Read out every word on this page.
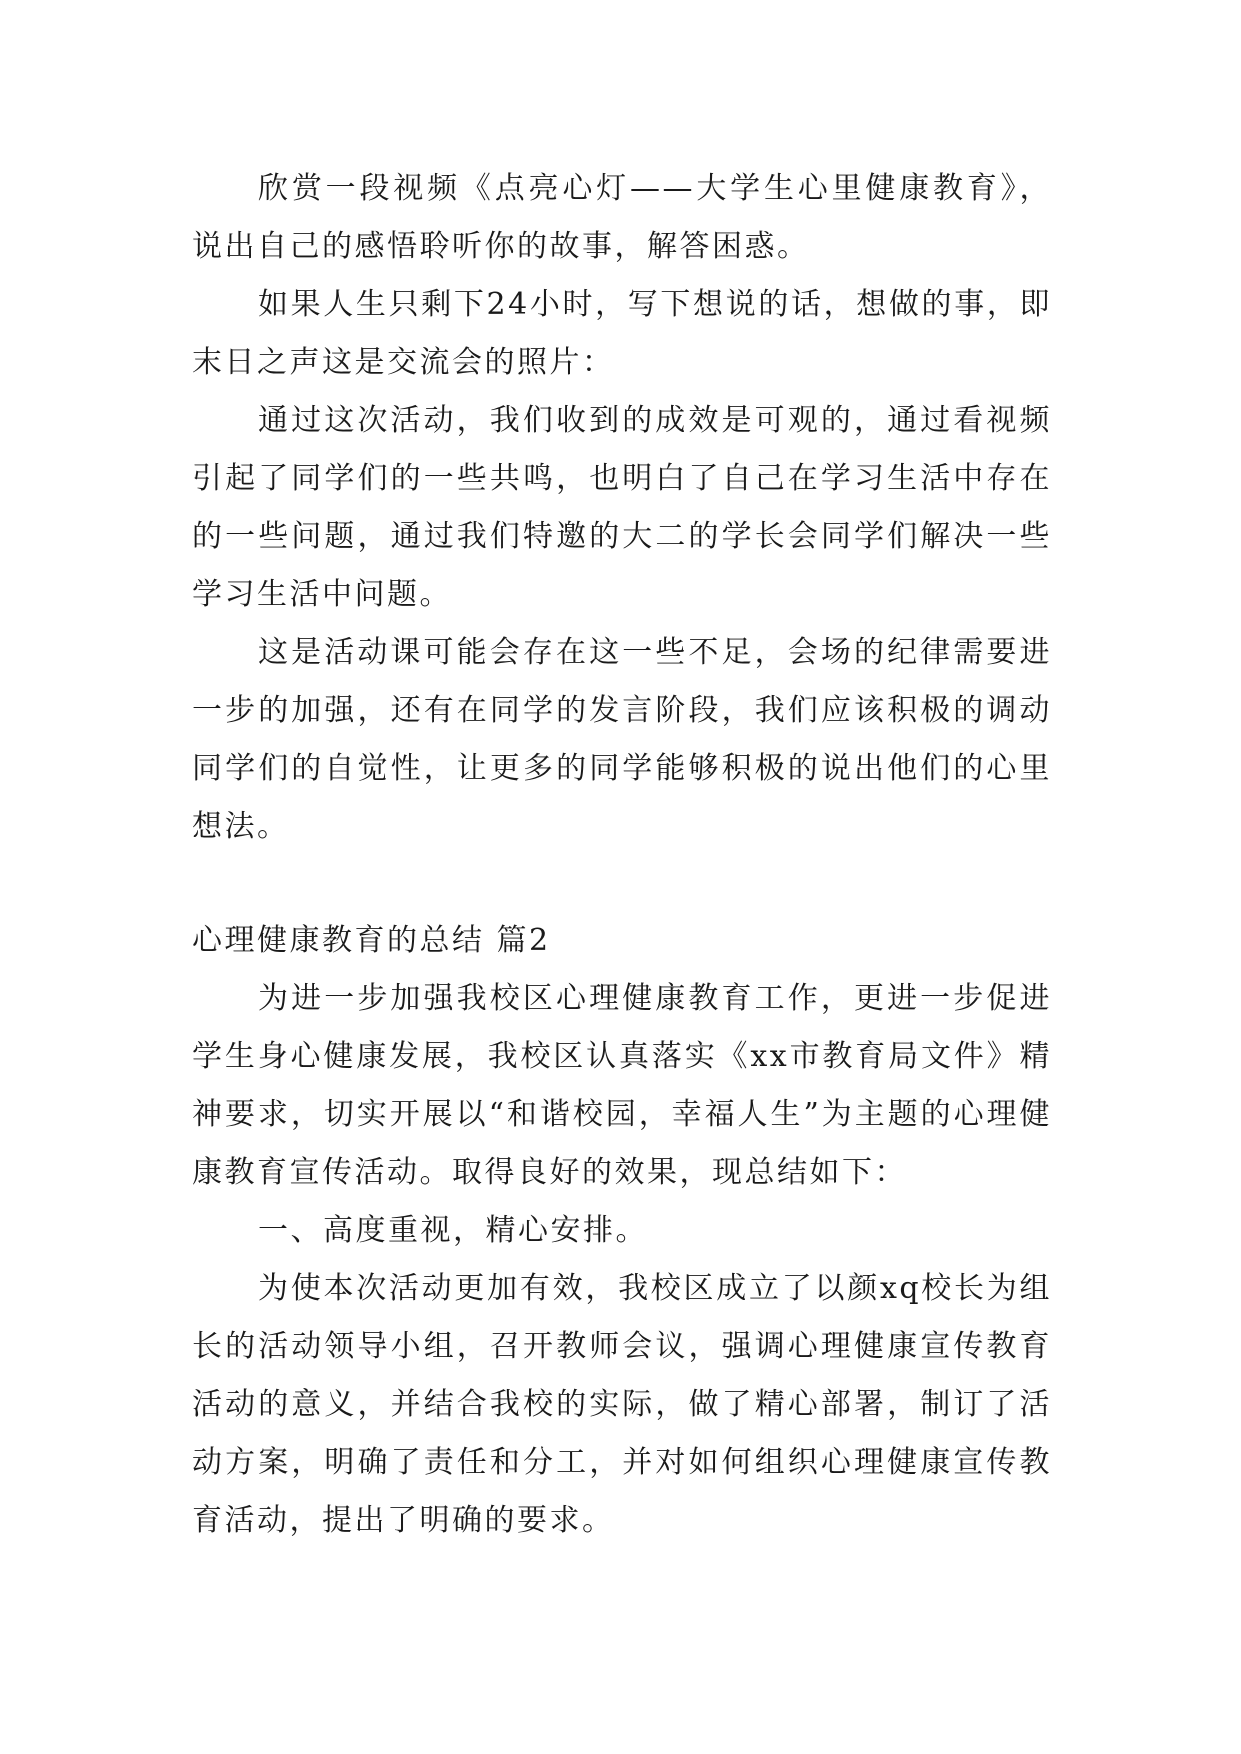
欣赏一段视频《点亮心灯——大学生心里健康教育》，说出自己的感悟聆听你的故事，解答困惑。

如果人生只剩下24小时，写下想说的话，想做的事，即末日之声这是交流会的照片：

通过这次活动，我们收到的成效是可观的，通过看视频引起了同学们的一些共鸣，也明白了自己在学习生活中存在的一些问题，通过我们特邀的大二的学长会同学们解决一些学习生活中问题。

这是活动课可能会存在这一些不足，会场的纪律需要进一步的加强，还有在同学的发言阶段，我们应该积极的调动同学们的自觉性，让更多的同学能够积极的说出他们的心里想法。

心理健康教育的总结 篇2

为进一步加强我校区心理健康教育工作，更进一步促进学生身心健康发展，我校区认真落实《xx市教育局文件》精神要求，切实开展以“和谐校园，幸福人生”为主题的心理健康教育宣传活动。取得良好的效果，现总结如下：

一、高度重视，精心安排。

为使本次活动更加有效，我校区成立了以颜xq校长为组长的活动领导小组，召开教师会议，强调心理健康宣传教育活动的意义，并结合我校的实际，做了精心部署，制订了活动方案，明确了责任和分工，并对如何组织心理健康宣传教育活动，提出了明确的要求。
